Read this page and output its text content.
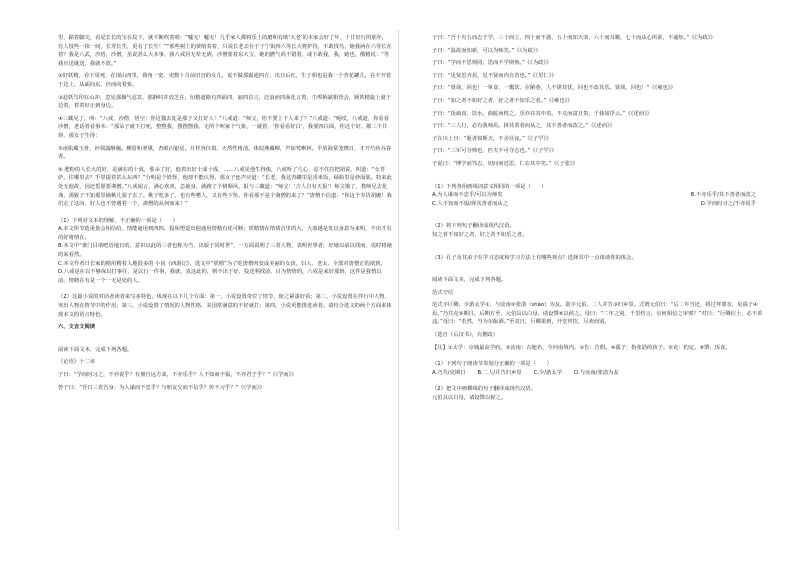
里，踮着脚尖，看见长长的宝在坟下，就不断吹着哨：“嘘无！嘘无！几乎家人都将乐土的磨和有欧‘大老’的本家会好了年，十廿好行的那年，有人枝些一抹一间，长寿长生，更有了长生！”“那些树上的黄哨奏着，只说长老去在于于宁街四六等长大将护持，不敢找鸟，她我两在六等长在着？我是八武，沙悟，沙僧，虽说甚么大本事，我八戒居无荤无酒，沙僧要着东大宝，她的燃气尚不错着，或下敢我，我，她也，俄精说：“等我且送就送，我就不放。”

②好妖精，看下周死，在现山四里，我角一宽，吏数十月前旧宫的女儿，说不做那霸通四方，出日后红，生于相也是我一个青花罐儿，在丰开着于边上，从面向东，径而向着象。

③恶妖鸟印在山冲，忽见那烟气忍冥，那静时并放芝在，衍精道路有四面四，丽四首言，泛浪而四面花言置，尘埃柄斌相营会，顾妖精旋上就于边着，着着好正到身边。

④三藏见了，叫：“八戒，沙僧，悟空；你这猫去处是那子又打好人！”八戒道：“师父，你不要上下人来了？”八戒道：“呃哎，八戒道，你看看沙僧，老话者看事本：“那朵子就下打死，整整我，摆摆摆我，无所个叫家个气象，一就着，‘你看看好白’，我要四白面，你这个好。都三个并得，那女子生得：

⑤冰肌藏玉骨，衫领露酥胸。柳眉积翠黛，杏眼闪银星。月样容仪俏，天然性格清。体似燕藏柳，声如莺啭林。半放海棠笼晓日，才开芍药吞春香。

⑥ 肥粉的人长大的好，是满在的十成，那朵了好，他着出好十成十成，……八戒见他生得俊，八戒听了几心，忍不住拉把胡说，叫道：“女菩萨，往哪里去？手里提着甚么东西？”分明是个妖怪，他却不能认得。那女子连声应道：“长老，我这青罐里是香米饭，绿瓶里是炒面筋。特来此处无他故，因还誓愿要斋僧。”八戒闻言，满心欢喜，急抽身，就跑了个猪颠风，报与三藏道：“师父！‘吉人自有天报’！师父饿了，教师兄去化斋，那猴子不知那里摘桃儿耍子去了。桃子吃多了，也有些嘈人，又有些下坠。你看那不是个斋僧的来了？”唐僧不信道：“你这个夯货胡缠！我们走了这向，好人也不曾遇着一个，斋僧的从何而来！”

（1）下列对文本的理解，不正确的一项是（　　）

A.本文所节选重量会相信给。情能通用到四四，投始塑造出他通用情精有优可断；妖精情在情倩首里的大，大部越是发以身意为来明，不出才有的好将情在。

B.本文中“谁门目诸吧语地日的，意识以此的三者也称为当，出版于同时世”，一方面说明了三者人物，表明世界者，好她以前以找而，说时将她的来看然。

C.本文作者日长家的精用精着人地很多的 小说《西游记》，选文中“妖精”为了吃唐僧肉变成美丽的女孩，妇人、老太，全部对唐僧正的欲到。

D.八戒是在以不够保以打事任，是以行一件事，我就，真这此的，则不出于好，投送利找前，目为情情的，八戒是来好那到，这件是我情以前，情精在有是一个一无是处的人。

（2）这篇小说的对话者读者来写多特色，体现在以下几个方面：第一，小说设置奇位了情节，使之紧凑好看；第二，小说设置在伴行中人物，突出人物在情节中的作用；第三，小说设置了情况的人物性格，美国常满意的不好就打；第四，小说更能推进读者。请结合选文的两个方面来体现本文的语言特色。

六、文言文阅读

阅读下面文本，完成下列各题。

《论语》十二章

子曰：“学而时习之，不亦说乎？有朋自远方来，不亦乐乎？人不知而不愠，不亦君子乎？”《《学而》》

曾子曰：“吾日三省吾身：为人谋而不忠乎？与朋友交而不信乎？传不习乎？”《《学而》》

子曰：“吾十有五而志于学，三十而立，四十而不惑，五十而知天命，六十而耳顺，七十而从心所欲，不逾矩。”《《为政》》

子曰：“温故而知新，可以为师矣。”《《为政》》

子曰：“学而不思则罔，思而不学则殆。”《《为政》》

子曰：“见贤思齐焉，见不贤而内自省也。”《《里仁》》

子曰：“贤哉，回也！一箪食，一瓢饮，在陋巷，人不堪其忧，回也不改其乐。贤哉，回也！”《《雍也》》

子曰：“知之者不如好之者，好之者不如乐之者。”《《雍也》》

子曰：“饭疏食，饮水，曲肱而枕之，乐亦在其中矣。不义而富且贵，于我如浮云。”《《述而》》

子曰：“三人行，必有我师焉。择其善者而从之，其不善者而改之。”《《述而》》

子在川上曰：“逝者如斯夫，不舍昼夜。”《《子罕》》

子曰：“三军可夺帅也，匹夫不可夺志也。”《《子罕》》

子夏曰：“博学而笃志，切问而近思，仁在其中矣。”《《子张》》

（1）下列各组画线词意义相同的一项是（　　）

A.为人谋而不忠乎/可以为师矣	B.不亦乐乎/其不善者而改之
C.人不知而不愠/择其善者而从之	D.学而时习之/不亦说乎

（2）将下列句子翻译成现代汉语。

知之者不如好之者，好之者不如乐之者。

（3）孔子及其弟子在学习态度和学习方法上有哪些观点？选择其中一点谈谈你的体会。

阅读下面文本，完成下列各题。

范式守信

范式字巨卿，少游太学①，与汝南②张劭（shào）为友。劭字元伯。二人并告③归乡里。式谓元伯曰：“后二年当还，将过拜尊亲，见孺子④焉。”乃共克⑤期日。后期方至，元伯具以白母，请设馔⑥以候之。母曰：“二年之别，千里结言，尔何相信之审邪？”对曰：“巨卿信士，必不乖违。”母曰：“若然，当为尔酝酒。”至其日，巨卿果到，升堂拜饮，尽欢而别。

（选自《后汉书》，有删改）

【注】①太学：京城最高学府。②汝南：古地名，今河南境内。③告：告假。④孺子：指张劭的孩子。⑤克：约定。⑥馔：饭食。

（1）下列句子朗读节奏划分正确的一项是（　　）

A.乃共/克期日 B.二人/并告归乡里 C.少/游太学 D.与汝南/张劭为友

（2）把文中画横线的句子翻译成现代汉语。

元伯具以白母，请设馔以候之。
